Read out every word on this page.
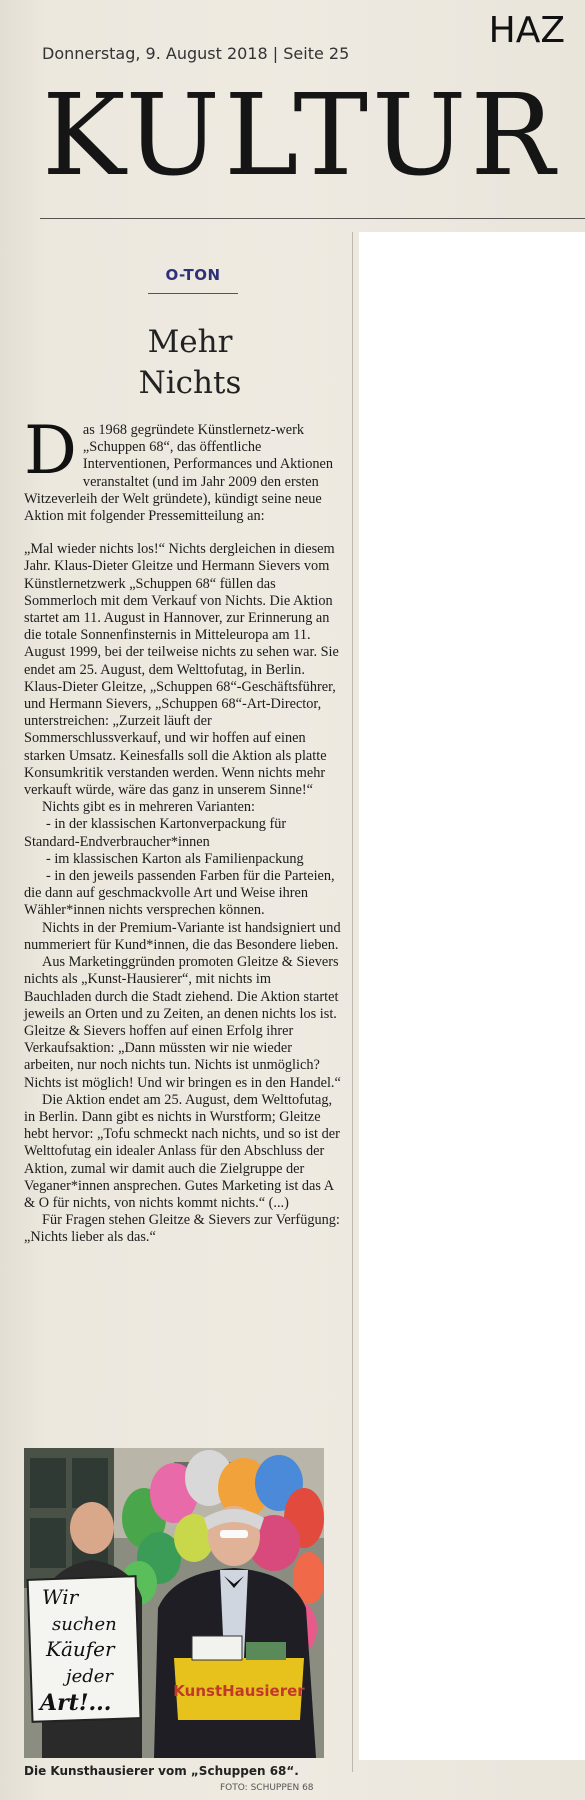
HAZ
Donnerstag, 9. August 2018 | Seite 25
KULTUR
O-TON
Mehr
Nichts

Das 1968 gegründete Künstlernetz-werk „Schuppen 68“, das öffentliche Interventionen, Performances und Aktionen veranstaltet (und im Jahr 2009 den ersten Witzeverleih der Welt gründete), kündigt seine neue Aktion mit folgender Pressemitteilung an:

„Mal wieder nichts los!“ Nichts dergleichen in diesem Jahr. Klaus-Dieter Gleitze und Hermann Sievers vom Künstlernetzwerk „Schuppen 68“ füllen das Sommerloch mit dem Verkauf von Nichts. Die Aktion startet am 11. August in Hannover, zur Erinnerung an die totale Sonnenfinsternis in Mitteleuropa am 11. August 1999, bei der teilweise nichts zu sehen war. Sie endet am 25. August, dem Welttofutag, in Berlin. Klaus-Dieter Gleitze, „Schuppen 68“-Geschäftsführer, und Hermann Sievers, „Schuppen 68“-Art-Director, unterstreichen: „Zurzeit läuft der Sommerschlussverkauf, und wir hoffen auf einen starken Umsatz. Keinesfalls soll die Aktion als platte Konsumkritik verstanden werden. Wenn nichts mehr verkauft würde, wäre das ganz in unserem Sinne!“

Nichts gibt es in mehreren Varianten:

- in der klassischen Kartonverpackung für Standard-Endverbraucher*innen

- im klassischen Karton als Familienpackung

- in den jeweils passenden Farben für die Parteien, die dann auf geschmackvolle Art und Weise ihren Wähler*innen nichts versprechen können.

Nichts in der Premium-Variante ist handsigniert und nummeriert für Kund*innen, die das Besondere lieben.

Aus Marketinggründen promoten Gleitze & Sievers nichts als „Kunst-Hausierer“, mit nichts im Bauchladen durch die Stadt ziehend. Die Aktion startet jeweils an Orten und zu Zeiten, an denen nichts los ist. Gleitze & Sievers hoffen auf einen Erfolg ihrer Verkaufsaktion: „Dann müssten wir nie wieder arbeiten, nur noch nichts tun. Nichts ist unmöglich? Nichts ist möglich! Und wir bringen es in den Handel.“

Die Aktion endet am 25. August, dem Welttofutag, in Berlin. Dann gibt es nichts in Wurstform; Gleitze hebt hervor: „Tofu schmeckt nach nichts, und so ist der Welttofutag ein idealer Anlass für den Abschluss der Aktion, zumal wir damit auch die Zielgruppe der Veganer*innen ansprechen. Gutes Marketing ist das A & O für nichts, von nichts kommt nichts.“ (...)

Für Fragen stehen Gleitze & Sievers zur Verfügung: „Nichts lieber als das.“

Wir
suchen
Käufer
jeder
Art!...	KunstHausierer
Die Kunsthausierer vom „Schuppen 68“.
FOTO: SCHUPPEN 68
